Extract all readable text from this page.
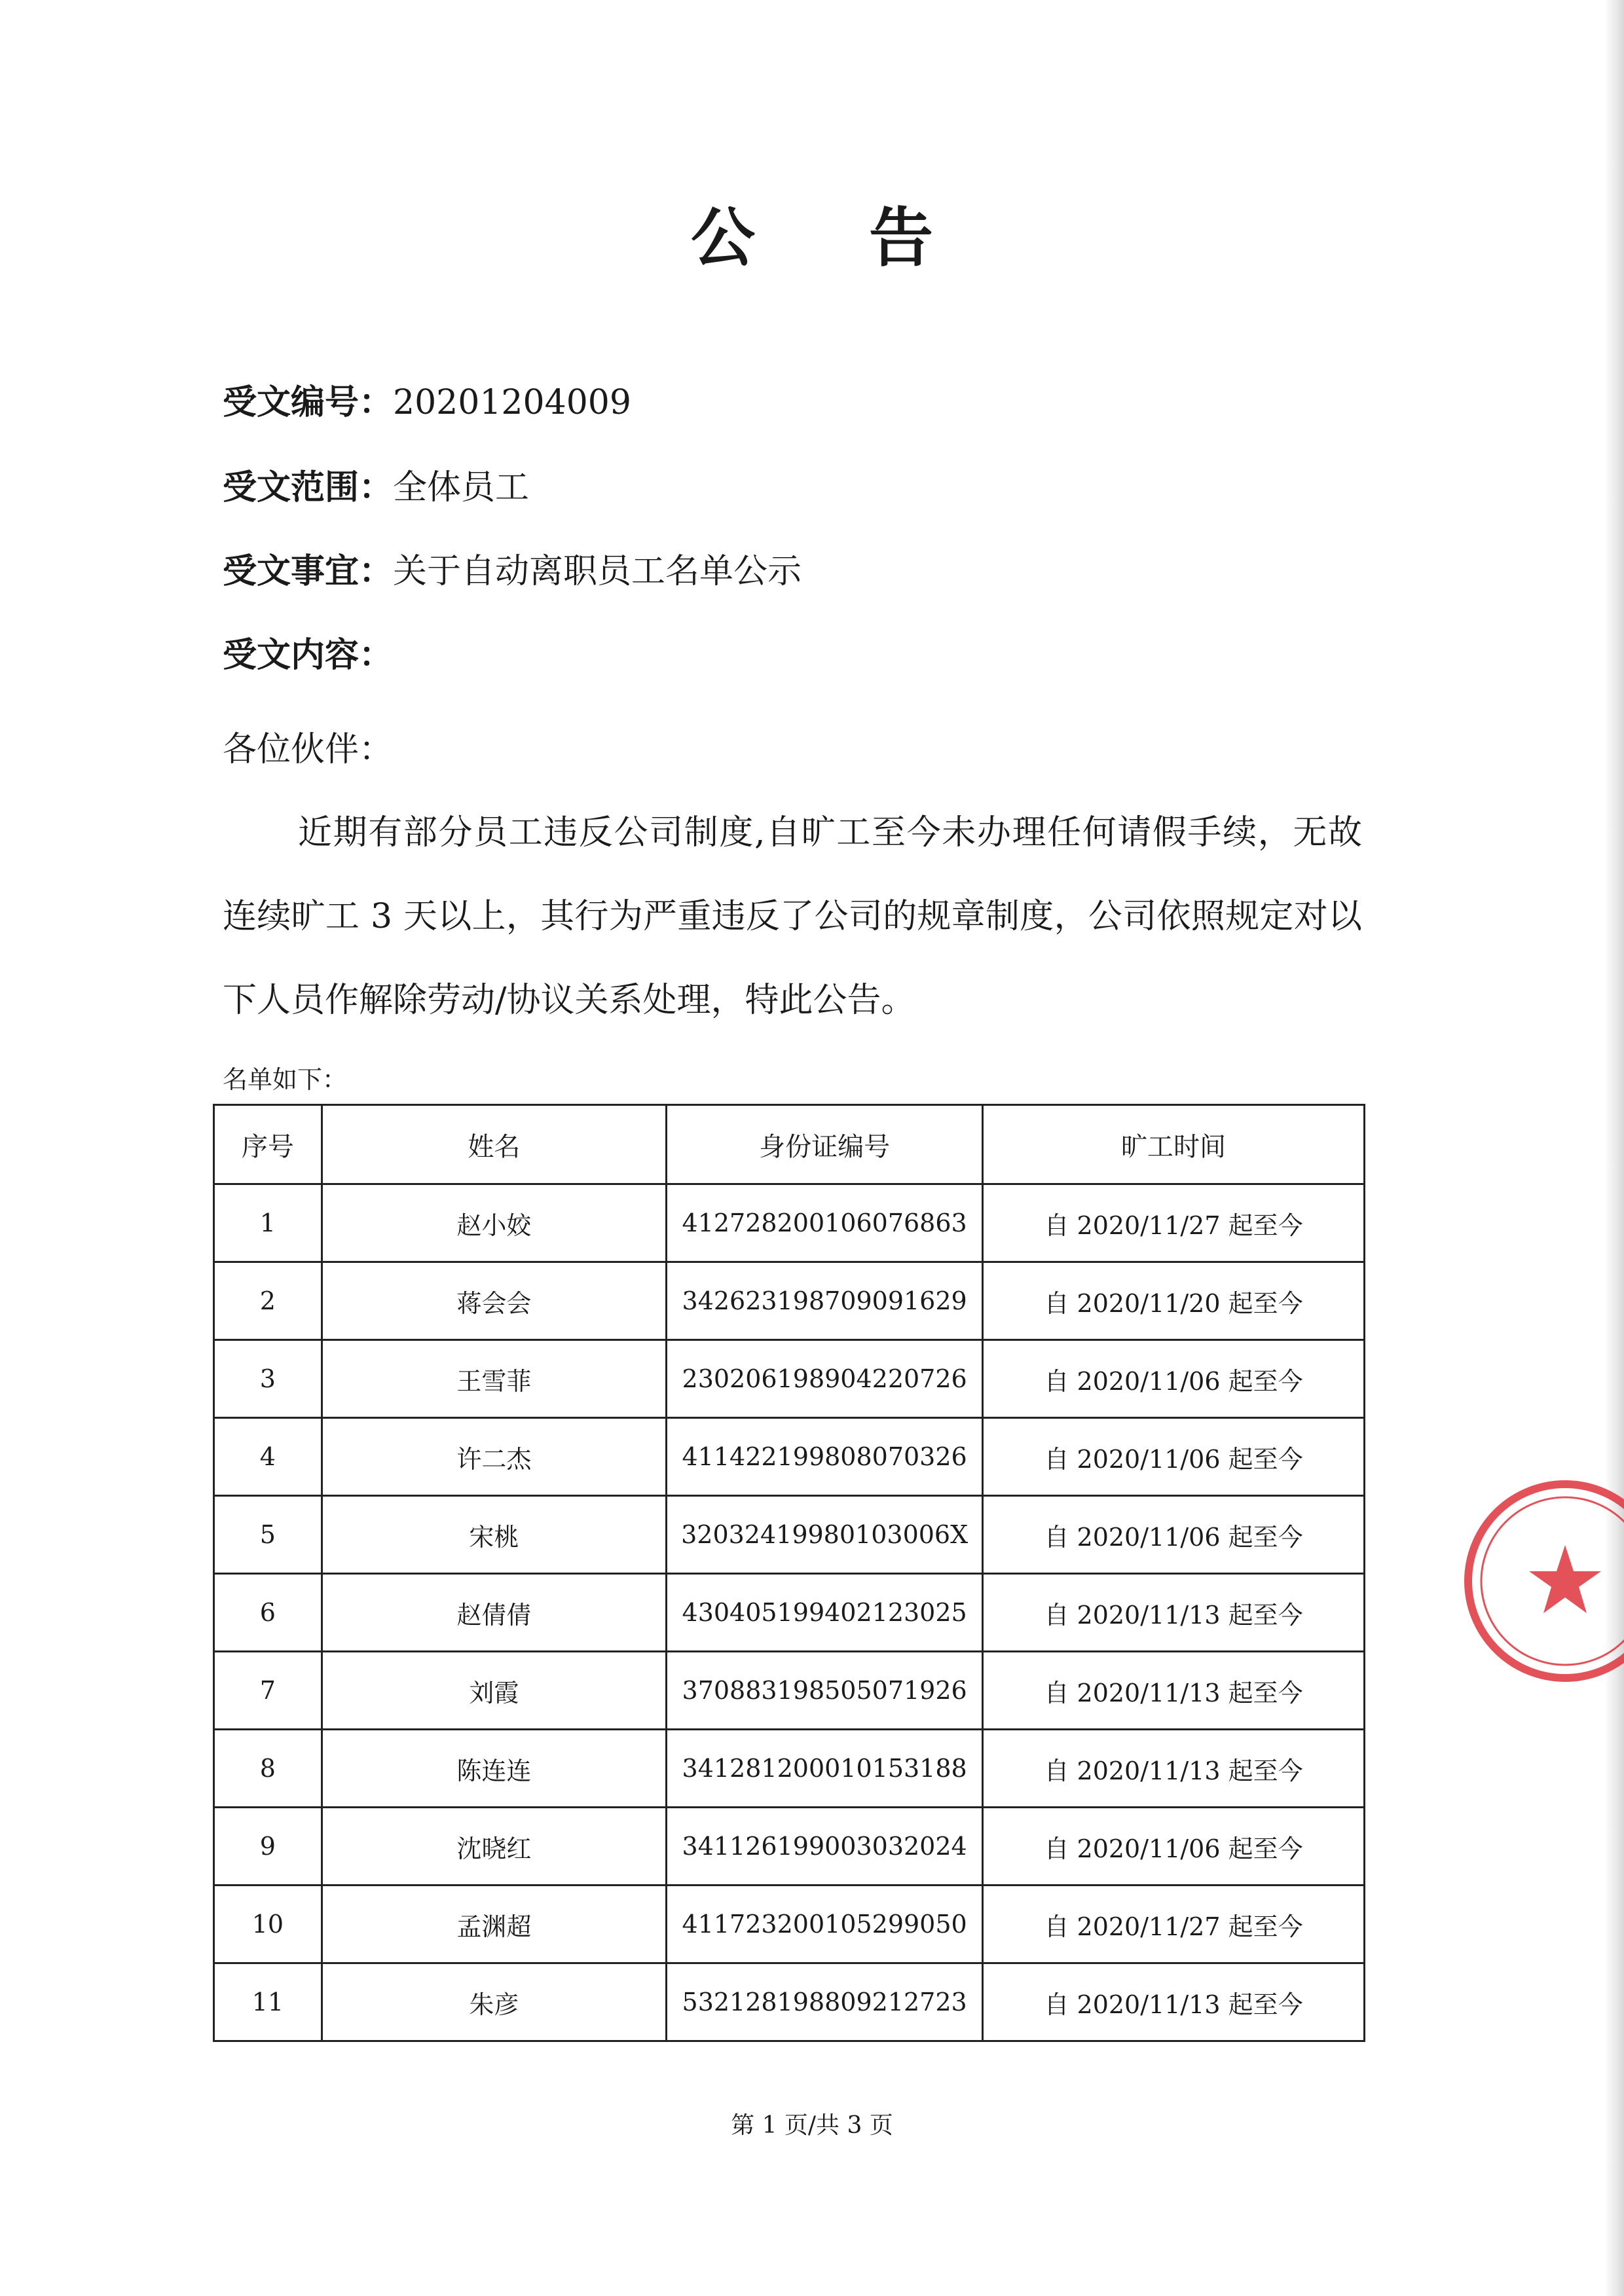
公 告
受文编号：20201204009
受文范围：全体员工
受文事宜：关于自动离职员工名单公示
受文内容：
各位伙伴：
近期有部分员工违反公司制度,自旷工至今未办理任何请假手续，无故连续旷工 3 天以上，其行为严重违反了公司的规章制度，公司依照规定对以下人员作解除劳动/协议关系处理，特此公告。
名单如下：
序号	姓名	身份证编号	旷工时间
1	赵小姣	412728200106076863	自 2020/11/27 起至今
2	蒋会会	342623198709091629	自 2020/11/20 起至今
3	王雪菲	230206198904220726	自 2020/11/06 起至今
4	许二杰	411422199808070326	自 2020/11/06 起至今
5	宋桃	32032419980103006X	自 2020/11/06 起至今
6	赵倩倩	430405199402123025	自 2020/11/13 起至今
7	刘霞	370883198505071926	自 2020/11/13 起至今
8	陈连连	341281200010153188	自 2020/11/13 起至今
9	沈晓红	341126199003032024	自 2020/11/06 起至今
10	孟渊超	411723200105299050	自 2020/11/27 起至今
11	朱彦	532128198809212723	自 2020/11/13 起至今
第 1 页/共 3 页
